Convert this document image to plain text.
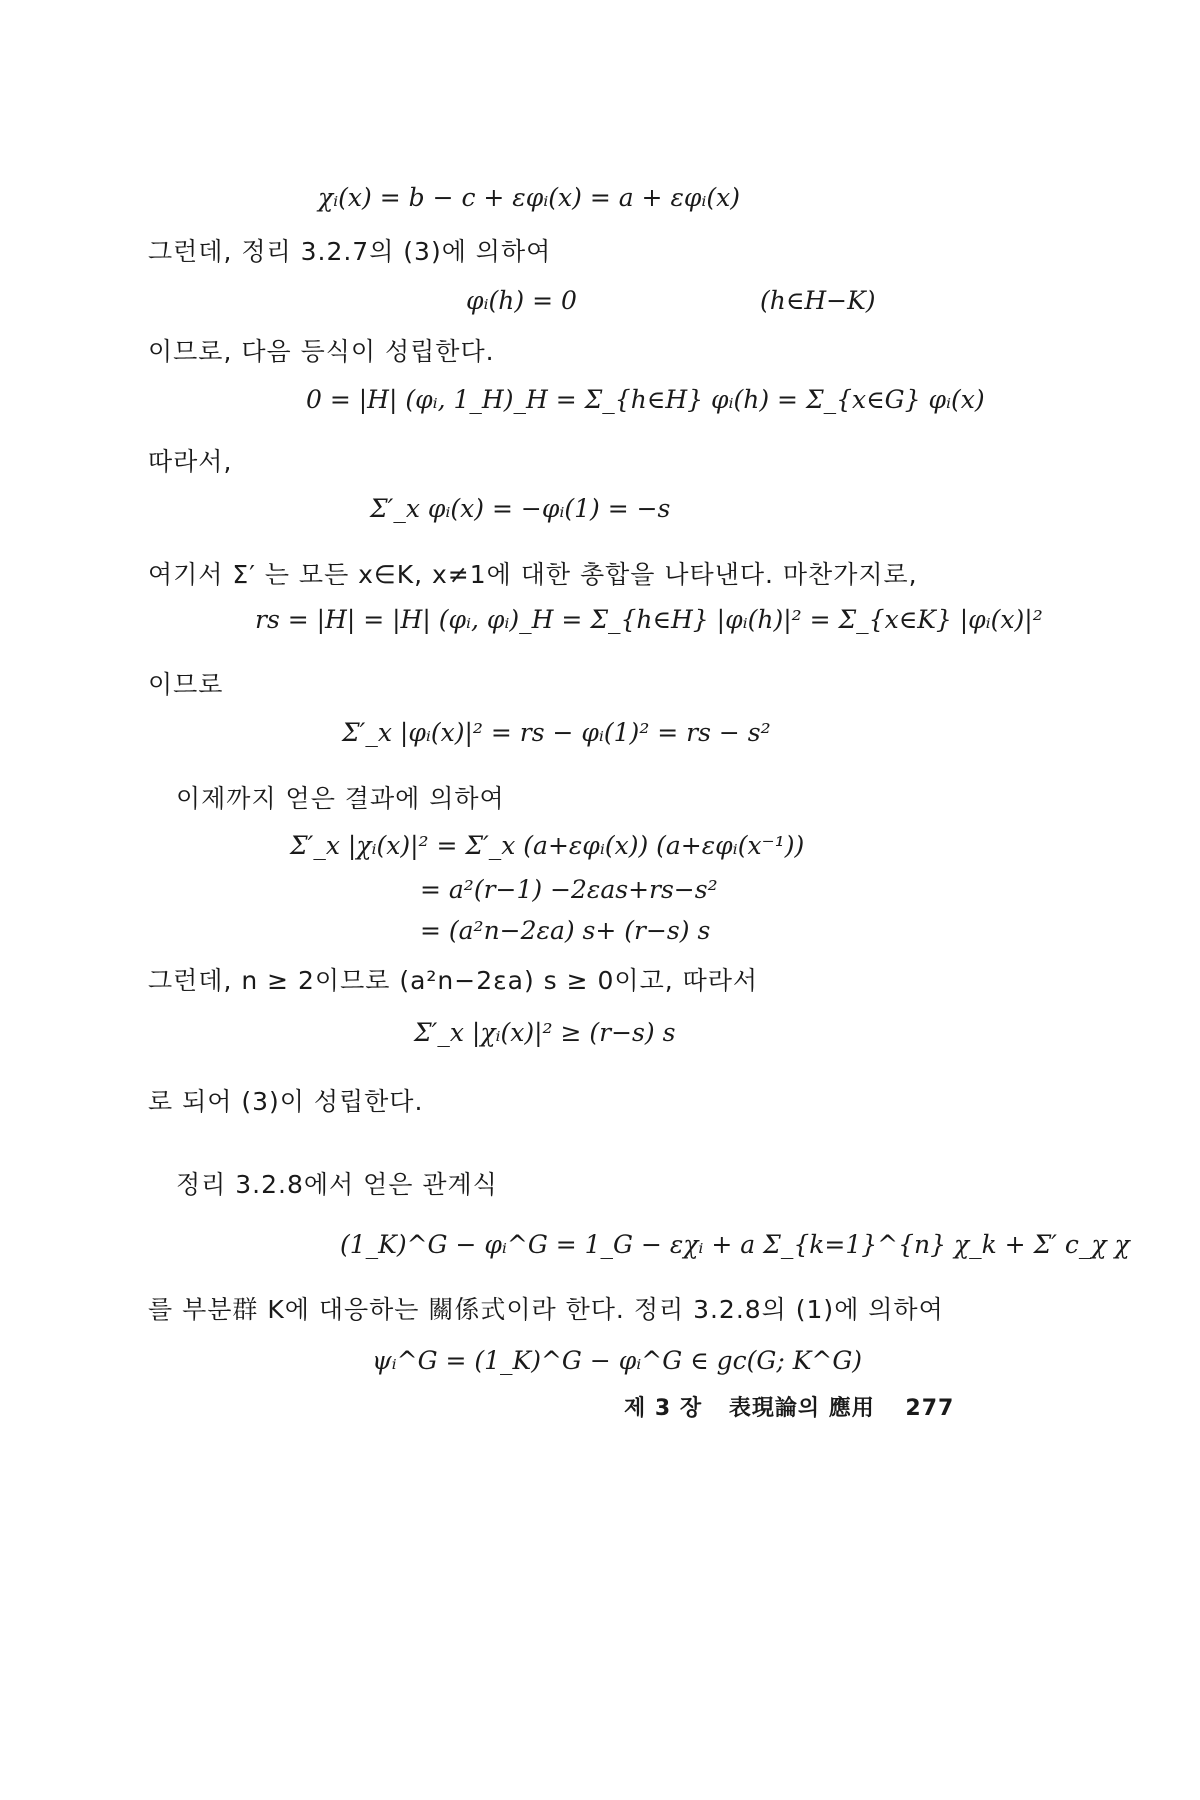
χᵢ(x) = b − c + εφᵢ(x) = a + εφᵢ(x)
그런데, 정리 3.2.7의 (3)에 의하여
φᵢ(h) = 0	(h∈H−K)
이므로, 다음 등식이 성립한다.
0 = |H| (φᵢ, 1_H)_H = Σ_{h∈H} φᵢ(h) = Σ_{x∈G} φᵢ(x)
따라서,
Σ′_x φᵢ(x) = −φᵢ(1) = −s
여기서 Σ′ 는 모든 x∈K, x≠1에 대한 총합을 나타낸다. 마찬가지로,
rs = |H| = |H| (φᵢ, φᵢ)_H = Σ_{h∈H} |φᵢ(h)|² = Σ_{x∈K} |φᵢ(x)|²
이므로
Σ′_x |φᵢ(x)|² = rs − φᵢ(1)² = rs − s²
이제까지 얻은 결과에 의하여
Σ′_x |χᵢ(x)|² = Σ′_x (a+εφᵢ(x)) (a+εφᵢ(x⁻¹))
= a²(r−1) −2εas+rs−s²
= (a²n−2εa) s+ (r−s) s
그런데, n ≥ 2이므로 (a²n−2εa) s ≥ 0이고, 따라서
Σ′_x |χᵢ(x)|² ≥ (r−s) s
로 되어 (3)이 성립한다.
정리 3.2.8에서 얻은 관계식
(1_K)^G − φᵢ^G = 1_G − εχᵢ + a Σ_{k=1}^{n} χ_k + Σ′ c_χ χ
를 부분群 K에 대응하는 關係式이라 한다. 정리 3.2.8의 (1)에 의하여
ψᵢ^G = (1_K)^G − φᵢ^G ∈ gc(G; K^G)
제 3 장 表現論의 應用 277
